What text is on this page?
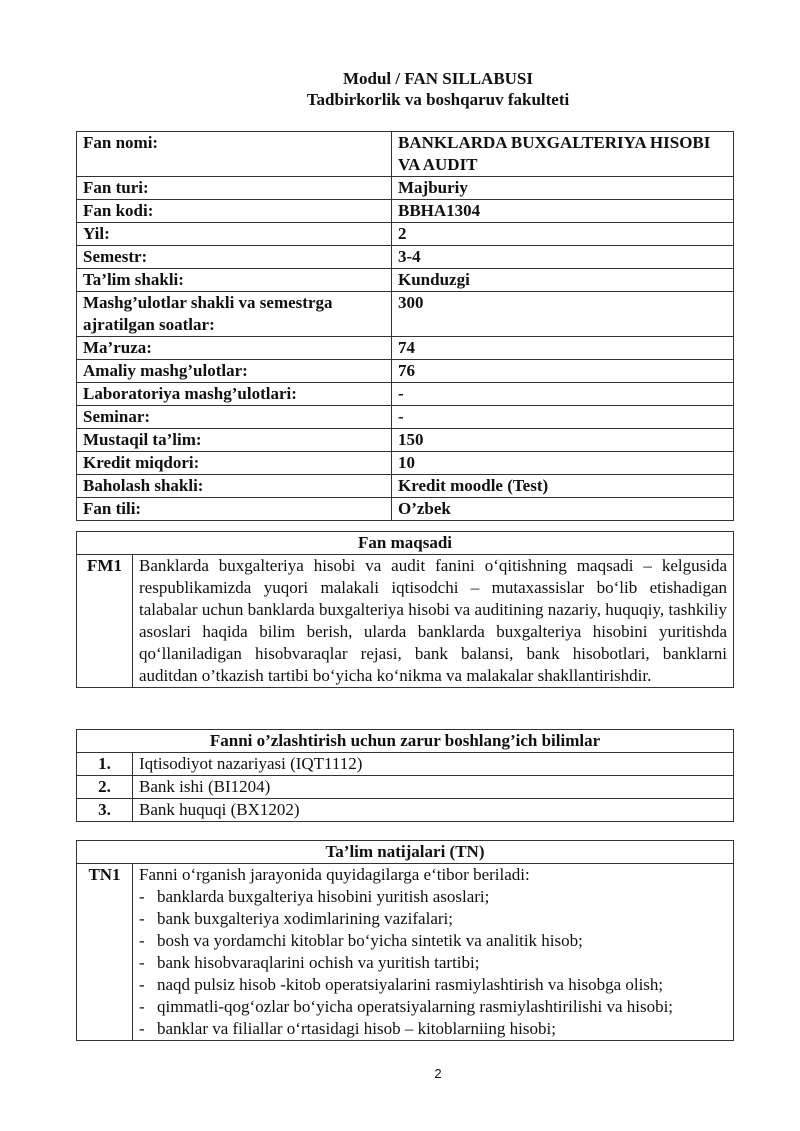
Modul / FAN SILLABUSI
Tadbirkorlik va boshqaruv fakulteti
Fan nomi:	BANKLARDA BUXGALTERIYA HISOBI VA AUDIT
Fan turi:	Majburiy
Fan kodi:	BBHA1304
Yil:	2
Semestr:	3-4
Ta’lim shakli:	Kunduzgi
Mashg’ulotlar shakli va semestrga ajratilgan soatlar:	300
Ma’ruza:	74
Amaliy mashg’ulotlar:	76
Laboratoriya mashg’ulotlari:	-
Seminar:	-
Mustaqil ta’lim:	150
Kredit miqdori:	10
Baholash shakli:	Kredit moodle (Test)
Fan tili:	O’zbek
Fan maqsadi
FM1	Banklarda buxgalteriya hisobi va audit fanini o‘qitishning maqsadi – kelgusida respublikamizda yuqori malakali iqtisodchi – mutaxassislar bo‘lib etishadigan talabalar uchun banklarda buxgalteriya hisobi va auditining nazariy, huquqiy, tashkiliy asoslari haqida bilim berish, ularda banklarda buxgalteriya hisobini yuritishda qo‘llaniladigan hisobvaraqlar rejasi, bank balansi, bank hisobotlari, banklarni auditdan o’tkazish tartibi bo‘yicha ko‘nikma va malakalar shakllantirishdir.
Fanni o’zlashtirish uchun zarur boshlang’ich bilimlar	
1.	Iqtisodiyot nazariyasi (IQT1112)
2.	Bank ishi (BI1204)
3.	Bank huquqi (BX1202)
Ta’lim natijalari (TN)
TN1	Fanni o‘rganish jarayonida quyidagilarga e‘tibor beriladi:
- banklarda buxgalteriya hisobini yuritish asoslari;
- bank buxgalteriya xodimlarining vazifalari;
- bosh va yordamchi kitoblar bo‘yicha sintetik va analitik hisob;
- bank hisobvaraqlarini ochish va yuritish tartibi;
- naqd pulsiz hisob -kitob operatsiyalarini rasmiylashtirish va hisobga olish;
- qimmatli-qog‘ozlar bo‘yicha operatsiyalarning rasmiylashtirilishi va hisobi;
- banklar va filiallar o‘rtasidagi hisob – kitoblarniing hisobi;
2
